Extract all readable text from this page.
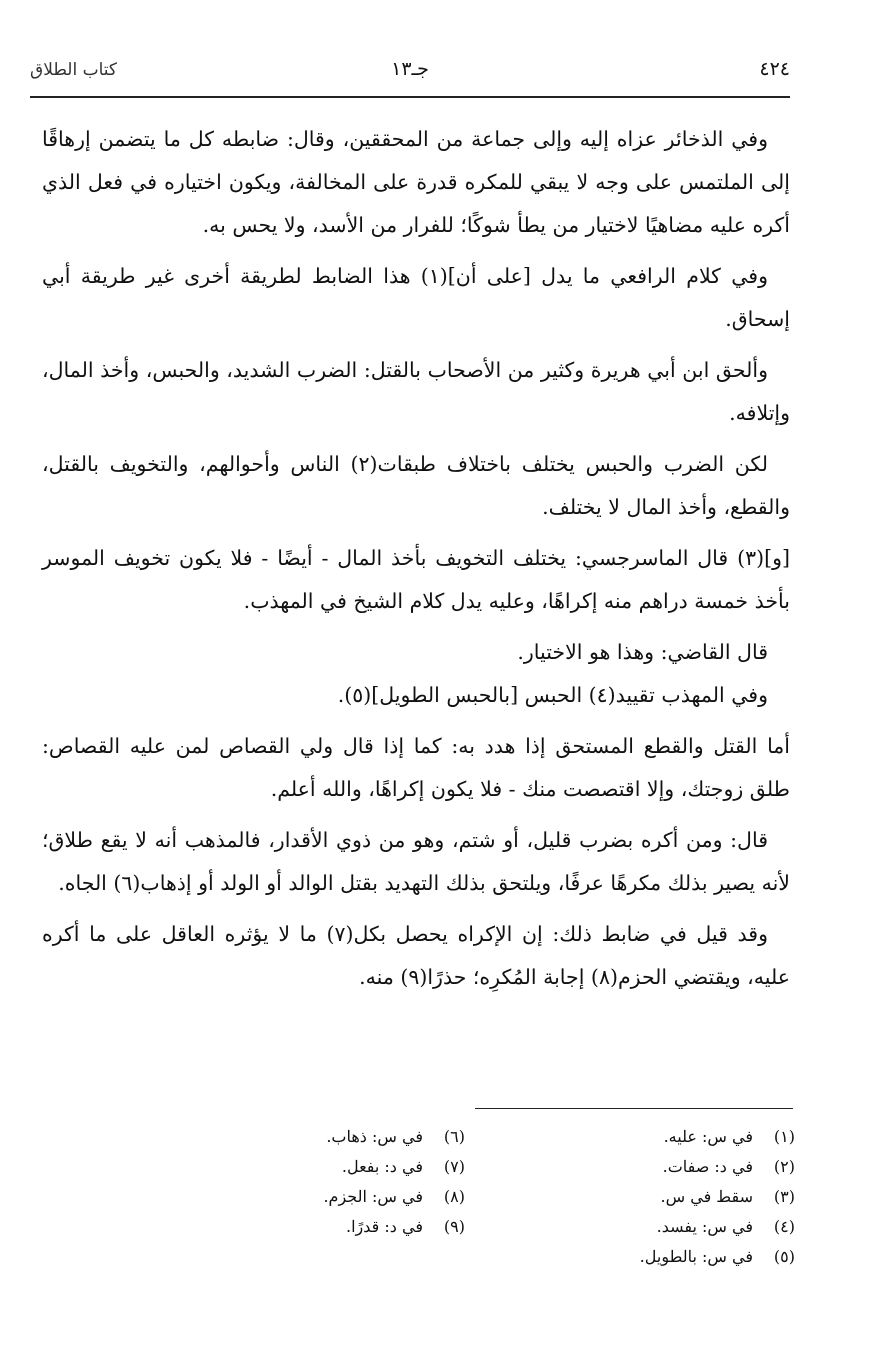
٤٢٤
جـ١٣
كتاب الطلاق

وفي الذخائر عزاه إليه وإلى جماعة من المحققين، وقال: ضابطه كل ما يتضمن إرهاقًا إلى الملتمس على وجه لا يبقي للمكره قدرة على المخالفة، ويكون اختياره في فعل الذي أكره عليه مضاهيًا لاختيار من يطأ شوكًا؛ للفرار من الأسد، ولا يحس به.

وفي كلام الرافعي ما يدل [على أن](١) هذا الضابط لطريقة أخرى غير طريقة أبي إسحاق.

وألحق ابن أبي هريرة وكثير من الأصحاب بالقتل: الضرب الشديد، والحبس، وأخذ المال، وإتلافه.

لكن الضرب والحبس يختلف باختلاف طبقات(٢) الناس وأحوالهم، والتخويف بالقتل، والقطع، وأخذ المال لا يختلف.

[و](٣) قال الماسرجسي: يختلف التخويف بأخذ المال - أيضًا - فلا يكون تخويف الموسر بأخذ خمسة دراهم منه إكراهًا، وعليه يدل كلام الشيخ في المهذب.

قال القاضي: وهذا هو الاختيار.

وفي المهذب تقييد(٤) الحبس [بالحبس الطويل](٥).

أما القتل والقطع المستحق إذا هدد به: كما إذا قال ولي القصاص لمن عليه القصاص: طلق زوجتك، وإلا اقتصصت منك - فلا يكون إكراهًا، والله أعلم.

قال: ومن أكره بضرب قليل، أو شتم، وهو من ذوي الأقدار، فالمذهب أنه لا يقع طلاق؛ لأنه يصير بذلك مكرهًا عرفًا، ويلتحق بذلك التهديد بقتل الوالد أو الولد أو إذهاب(٦) الجاه.

وقد قيل في ضابط ذلك: إن الإكراه يحصل بكل(٧) ما لا يؤثره العاقل على ما أكره عليه، ويقتضي الحزم(٨) إجابة المُكرِه؛ حذرًا(٩) منه.

(١)في س: عليه.
(٢)في د: صفات.
(٣)سقط في س.
(٤)في س: يفسد.
(٥)في س: بالطويل.
(٦)في س: ذهاب.
(٧)في د: بفعل.
(٨)في س: الجزم.
(٩)في د: قدرًا.
